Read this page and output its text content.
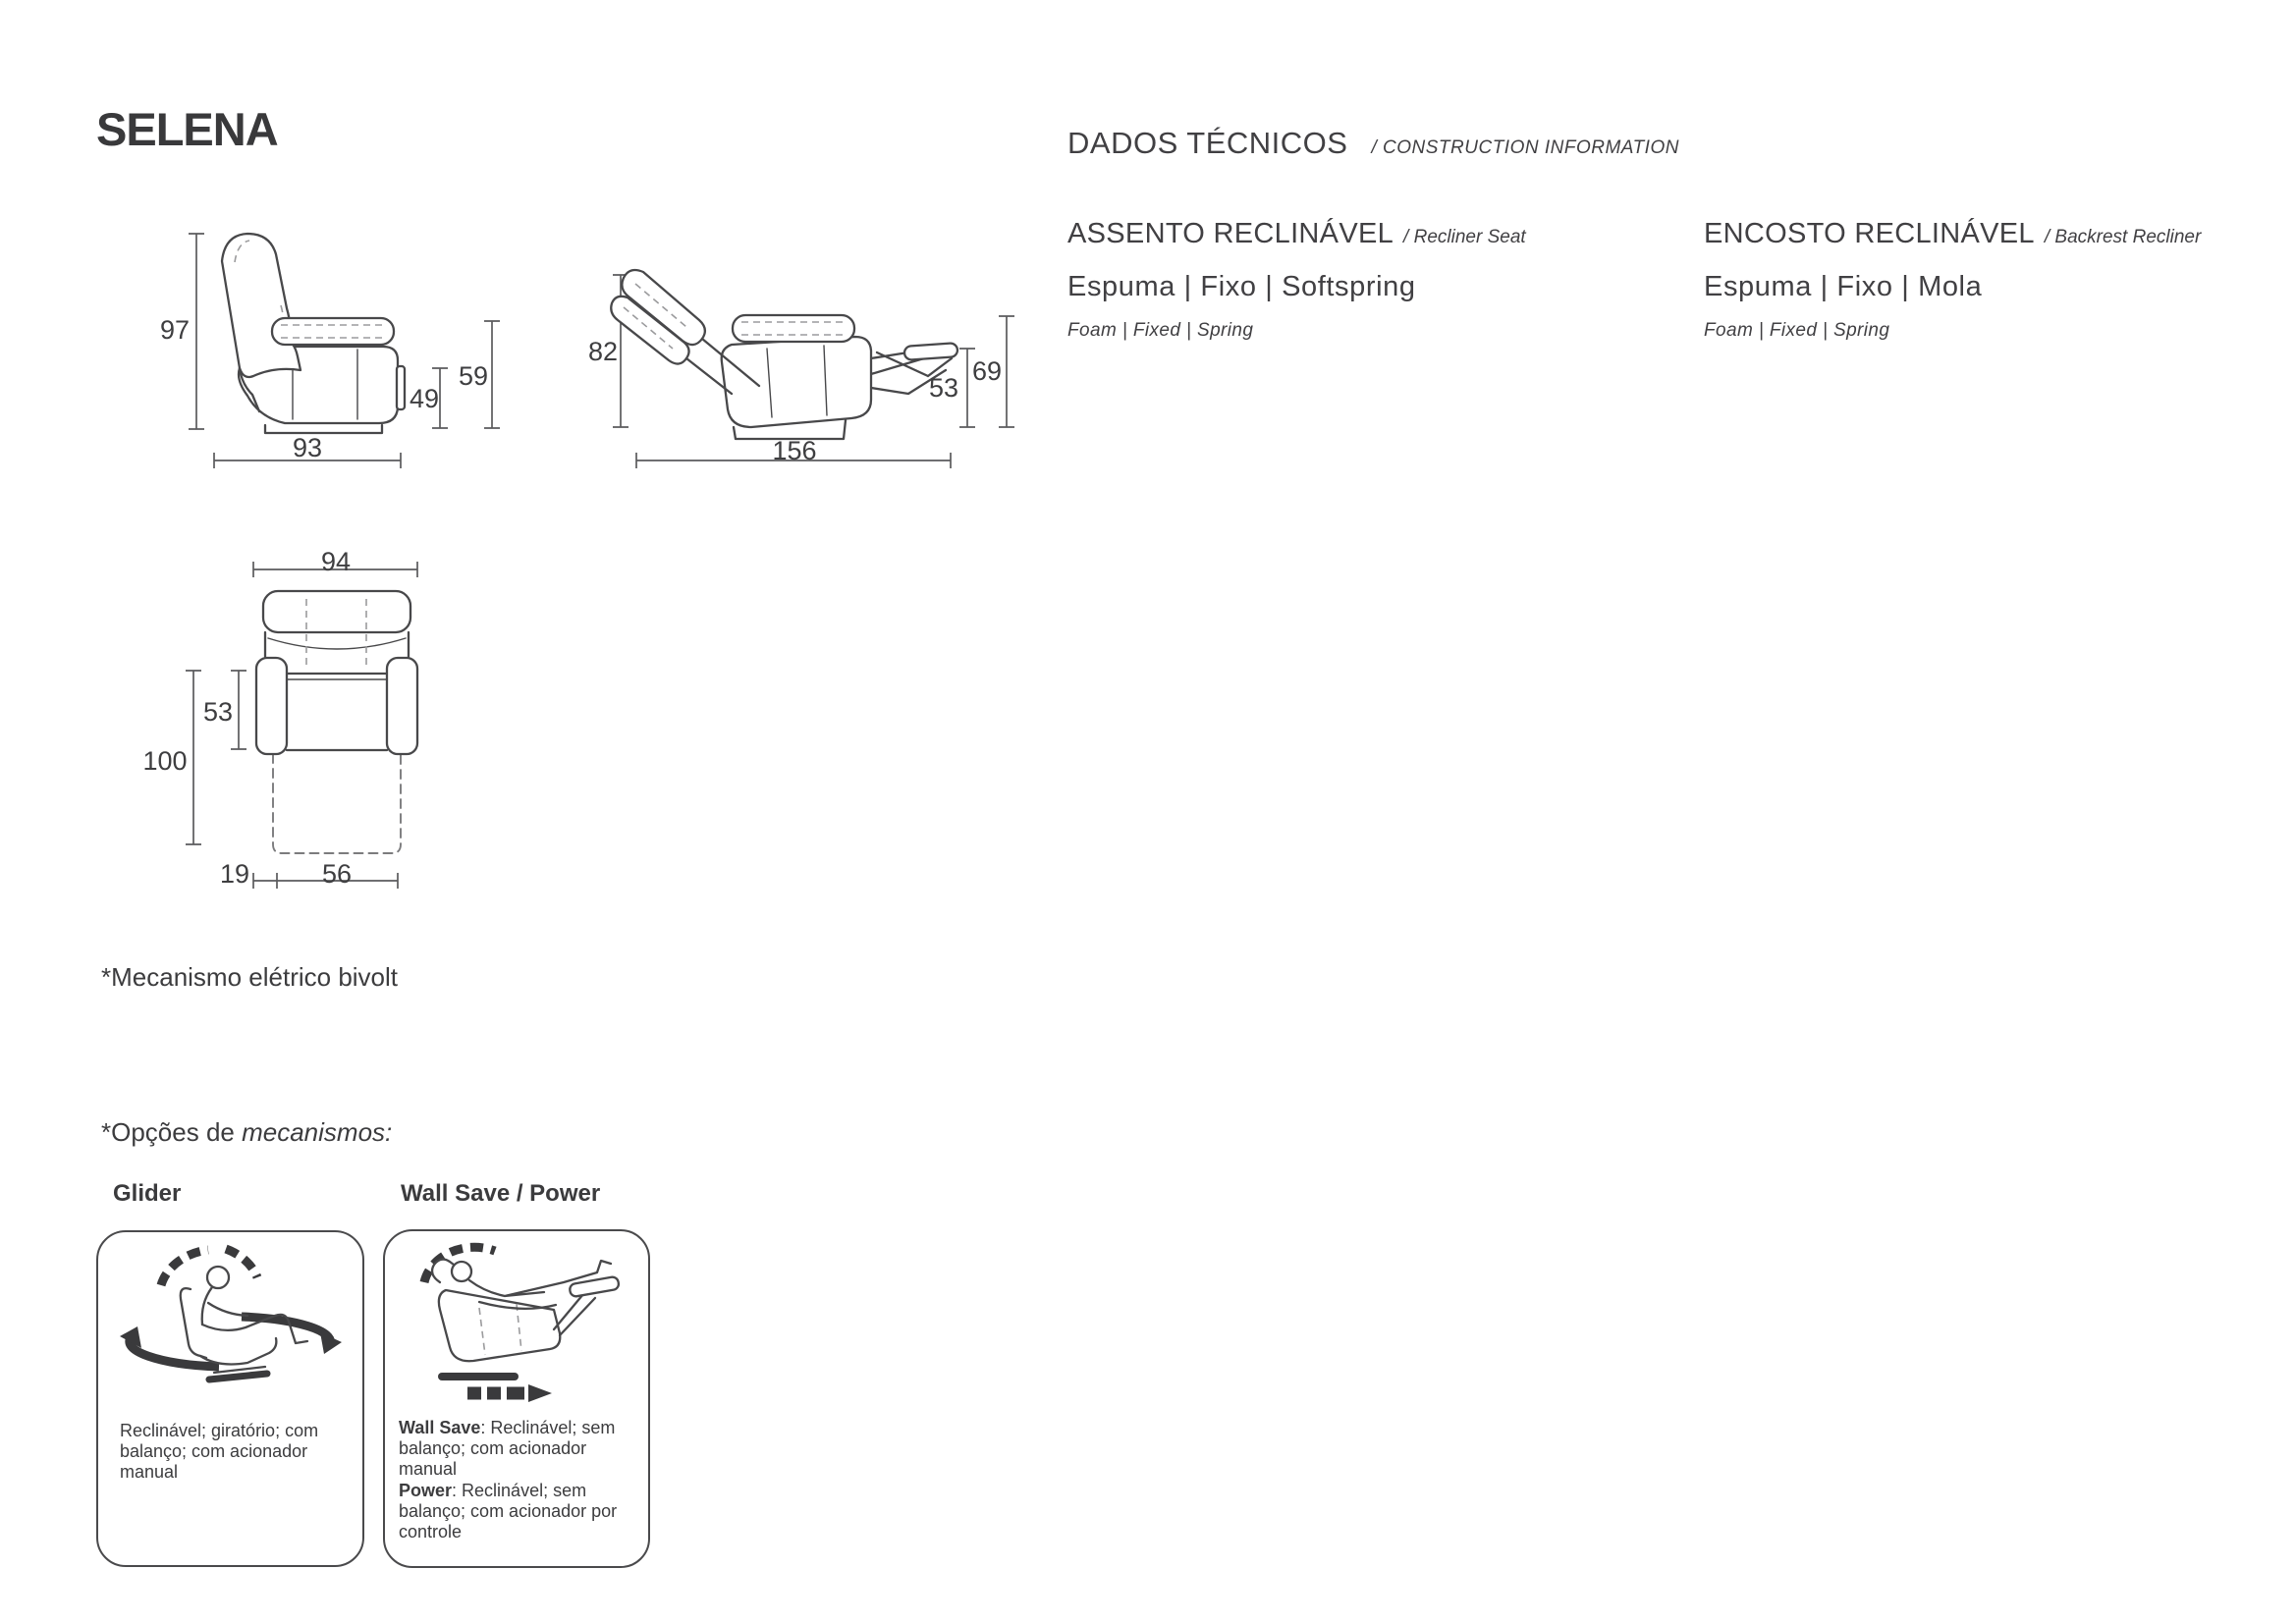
SELENA	DADOS TÉCNICOS / CONSTRUCTION INFORMATION
ASSENTO RECLINÁVEL / Recliner Seat
Espuma | Fixo | Softspring
Foam | Fixed | Spring
ENCOSTO RECLINÁVEL / Backrest Recliner
Espuma | Fixo | Mola
Foam | Fixed | Spring
97
49
59
93
82
53
69
156
94
53
100
19	56
*Mecanismo elétrico bivolt
*Opções de mecanismos:
Glider
Reclinável; giratório; com balanço; com acionador manual
Wall Save / Power

Wall Save: Reclinável; sem balanço; com acionador manual

Power: Reclinável; sem balanço; com acionador por controle
